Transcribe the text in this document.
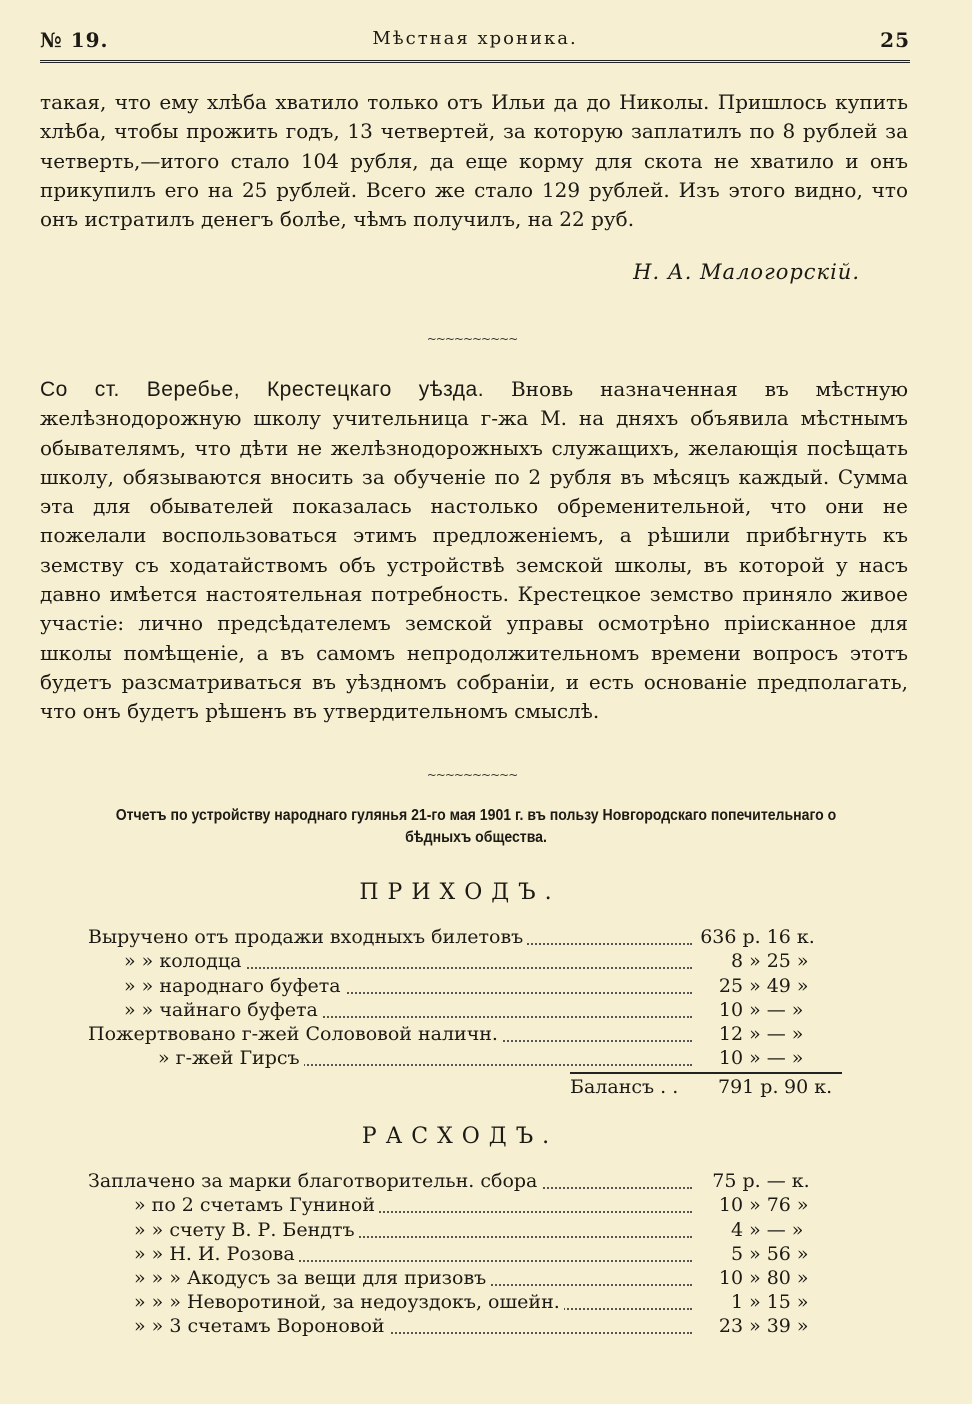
№ 19.	Мѣстная хроника.	25
такая, что ему хлѣба хватило только отъ Ильи да до Николы. Пришлось купить хлѣба, чтобы прожить годъ, 13 четвертей, за которую заплатилъ по 8 рублей за четверть,—итого стало 104 рубля, да еще корму для скота не хватило и онъ прикупилъ его на 25 рублей. Всего же стало 129 рублей. Изъ этого видно, что онъ истратилъ денегъ болѣе, чѣмъ получилъ, на 22 руб.
Н. А. Малогорскій.
~~~~~~~~~~
Со ст. Веребье, Крестецкаго уѣзда. Вновь назначенная въ мѣстную желѣзнодорожную школу учительница г-жа М. на дняхъ объявила мѣстнымъ обывателямъ, что дѣти не желѣзнодорожныхъ служащихъ, желающія посѣщать школу, обязываются вносить за обученіе по 2 рубля въ мѣсяцъ каждый. Сумма эта для обывателей показалась настолько обременительной, что они не пожелали воспользоваться этимъ предложеніемъ, а рѣшили прибѣгнуть къ земству съ ходатайствомъ объ устройствѣ земской школы, въ которой у насъ давно имѣется настоятельная потребность. Крестецкое земство приняло живое участіе: лично предсѣдателемъ земской управы осмотрѣно пріисканное для школы помѣщеніе, а въ самомъ непродолжительномъ времени вопросъ этотъ будетъ разсматриваться въ уѣздномъ собраніи, и есть основаніе предполагать, что онъ будетъ рѣшенъ въ утвердительномъ смыслѣ.
~~~~~~~~~~
Отчетъ по устройству народнаго гулянья 21-го мая 1901 г. въ пользу Новгородскаго попечительнаго о
бѣдныхъ общества.
ПРИХОДЪ.
Выручено отъ продажи входныхъ билетовъ	636 р.	16 к.
» » колодца	8 »	25 »
» » народнаго буфета	25 »	49 »
» » чайнаго буфета	10 »	— »
Пожертвовано г-жей Солововой наличн.	12 »	— »
» г-жей Гирсъ	10 »	— »
Балансъ . . 791 р. 90 к.
РАСХОДЪ.
Заплачено за марки благотворительн. сбора	75 р.	— к.
» по 2 счетамъ Гуниной	10 »	76 »
» » счету В. Р. Бендтъ	4 »	— »
» » Н. И. Розова	5 »	56 »
» » » Акодусъ за вещи для призовъ	10 »	80 »
» » » Неворотиной, за недоуздокъ, ошейн.	1 »	15 »
» » 3 счетамъ Вороновой	23 »	39 »
